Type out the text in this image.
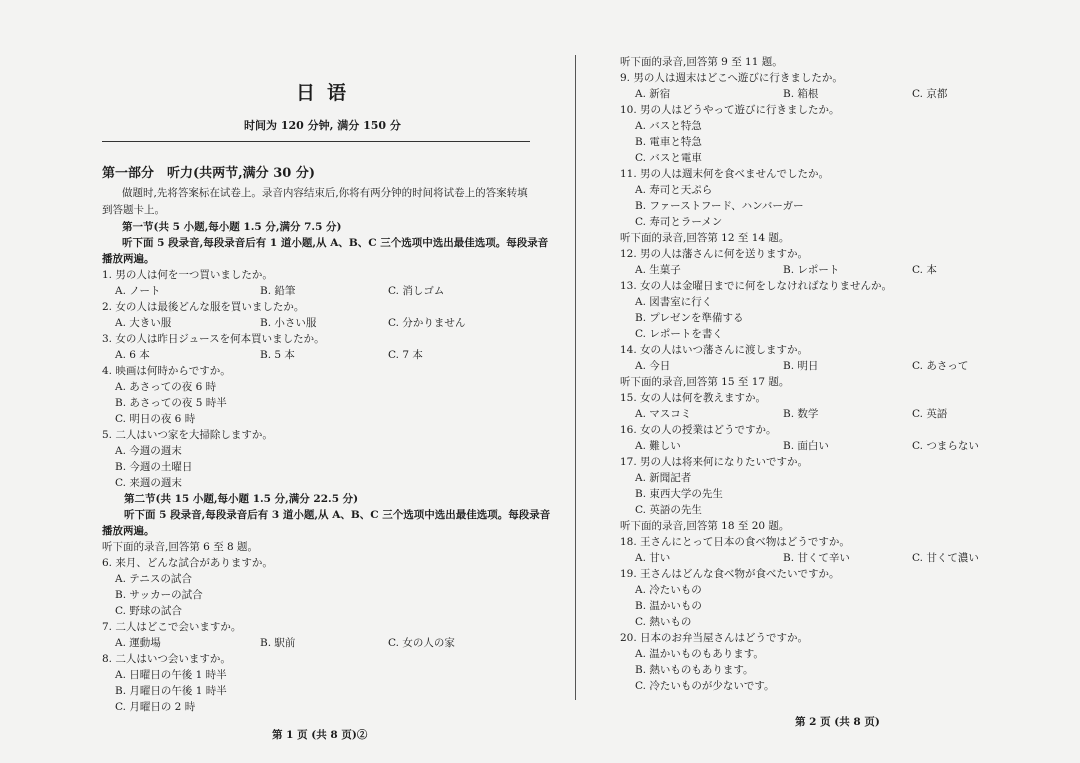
日语
时间为 120 分钟, 满分 150 分
第一部分　听力(共两节,满分 30 分)
做题时,先将答案标在试卷上。录音内容结束后,你将有两分钟的时间将试卷上的答案转填
到答题卡上。
第一节(共 5 小题,每小题 1.5 分,满分 7.5 分)
听下面 5 段录音,每段录音后有 1 道小题,从 A、B、C 三个选项中选出最佳选项。每段录音
播放两遍。
1. 男の人は何を一つ買いましたか。
A. ノート	B. 鉛筆	C. 消しゴム
2. 女の人は最後どんな服を買いましたか。
A. 大きい服	B. 小さい服	C. 分かりません
3. 女の人は昨日ジュースを何本買いましたか。
A. 6 本	B. 5 本	C. 7 本
4. 映画は何時からですか。
A. あさっての夜 6 時
B. あさっての夜 5 時半
C. 明日の夜 6 時
5. 二人はいつ家を大掃除しますか。
A. 今週の週末
B. 今週の土曜日
C. 来週の週末
第二节(共 15 小题,每小题 1.5 分,满分 22.5 分)
听下面 5 段录音,每段录音后有 3 道小题,从 A、B、C 三个选项中选出最佳选项。每段录音
播放两遍。
听下面的录音,回答第 6 至 8 题。
6. 来月、どんな試合がありますか。
A. テニスの試合
B. サッカーの試合
C. 野球の試合
7. 二人はどこで会いますか。
A. 運動場	B. 駅前	C. 女の人の家
8. 二人はいつ会いますか。
A. 日曜日の午後 1 時半
B. 月曜日の午後 1 時半
C. 月曜日の 2 時
第 1 页 (共 8 页)②
听下面的录音,回答第 9 至 11 题。
9. 男の人は週末はどこへ遊びに行きましたか。
A. 新宿	B. 箱根	C. 京都
10. 男の人はどうやって遊びに行きましたか。
A. バスと特急
B. 電車と特急
C. バスと電車
11. 男の人は週末何を食べませんでしたか。
A. 寿司と天ぷら
B. ファーストフード、ハンバーガー
C. 寿司とラーメン
听下面的录音,回答第 12 至 14 题。
12. 男の人は藩さんに何を送りますか。
A. 生菓子	B. レポート	C. 本
13. 女の人は金曜日までに何をしなければなりませんか。
A. 図書室に行く
B. プレゼンを準備する
C. レポートを書く
14. 女の人はいつ藩さんに渡しますか。
A. 今日	B. 明日	C. あさって
听下面的录音,回答第 15 至 17 题。
15. 女の人は何を教えますか。
A. マスコミ	B. 数学	C. 英語
16. 女の人の授業はどうですか。
A. 難しい	B. 面白い	C. つまらない
17. 男の人は将来何になりたいですか。
A. 新聞記者
B. 東西大学の先生
C. 英語の先生
听下面的录音,回答第 18 至 20 题。
18. 王さんにとって日本の食べ物はどうですか。
A. 甘い	B. 甘くて辛い	C. 甘くて濃い
19. 王さんはどんな食べ物が食べたいですか。
A. 冷たいもの
B. 温かいもの
C. 熱いもの
20. 日本のお弁当屋さんはどうですか。
A. 温かいものもあります。
B. 熱いものもあります。
C. 冷たいものが少ないです。
第 2 页 (共 8 页)
